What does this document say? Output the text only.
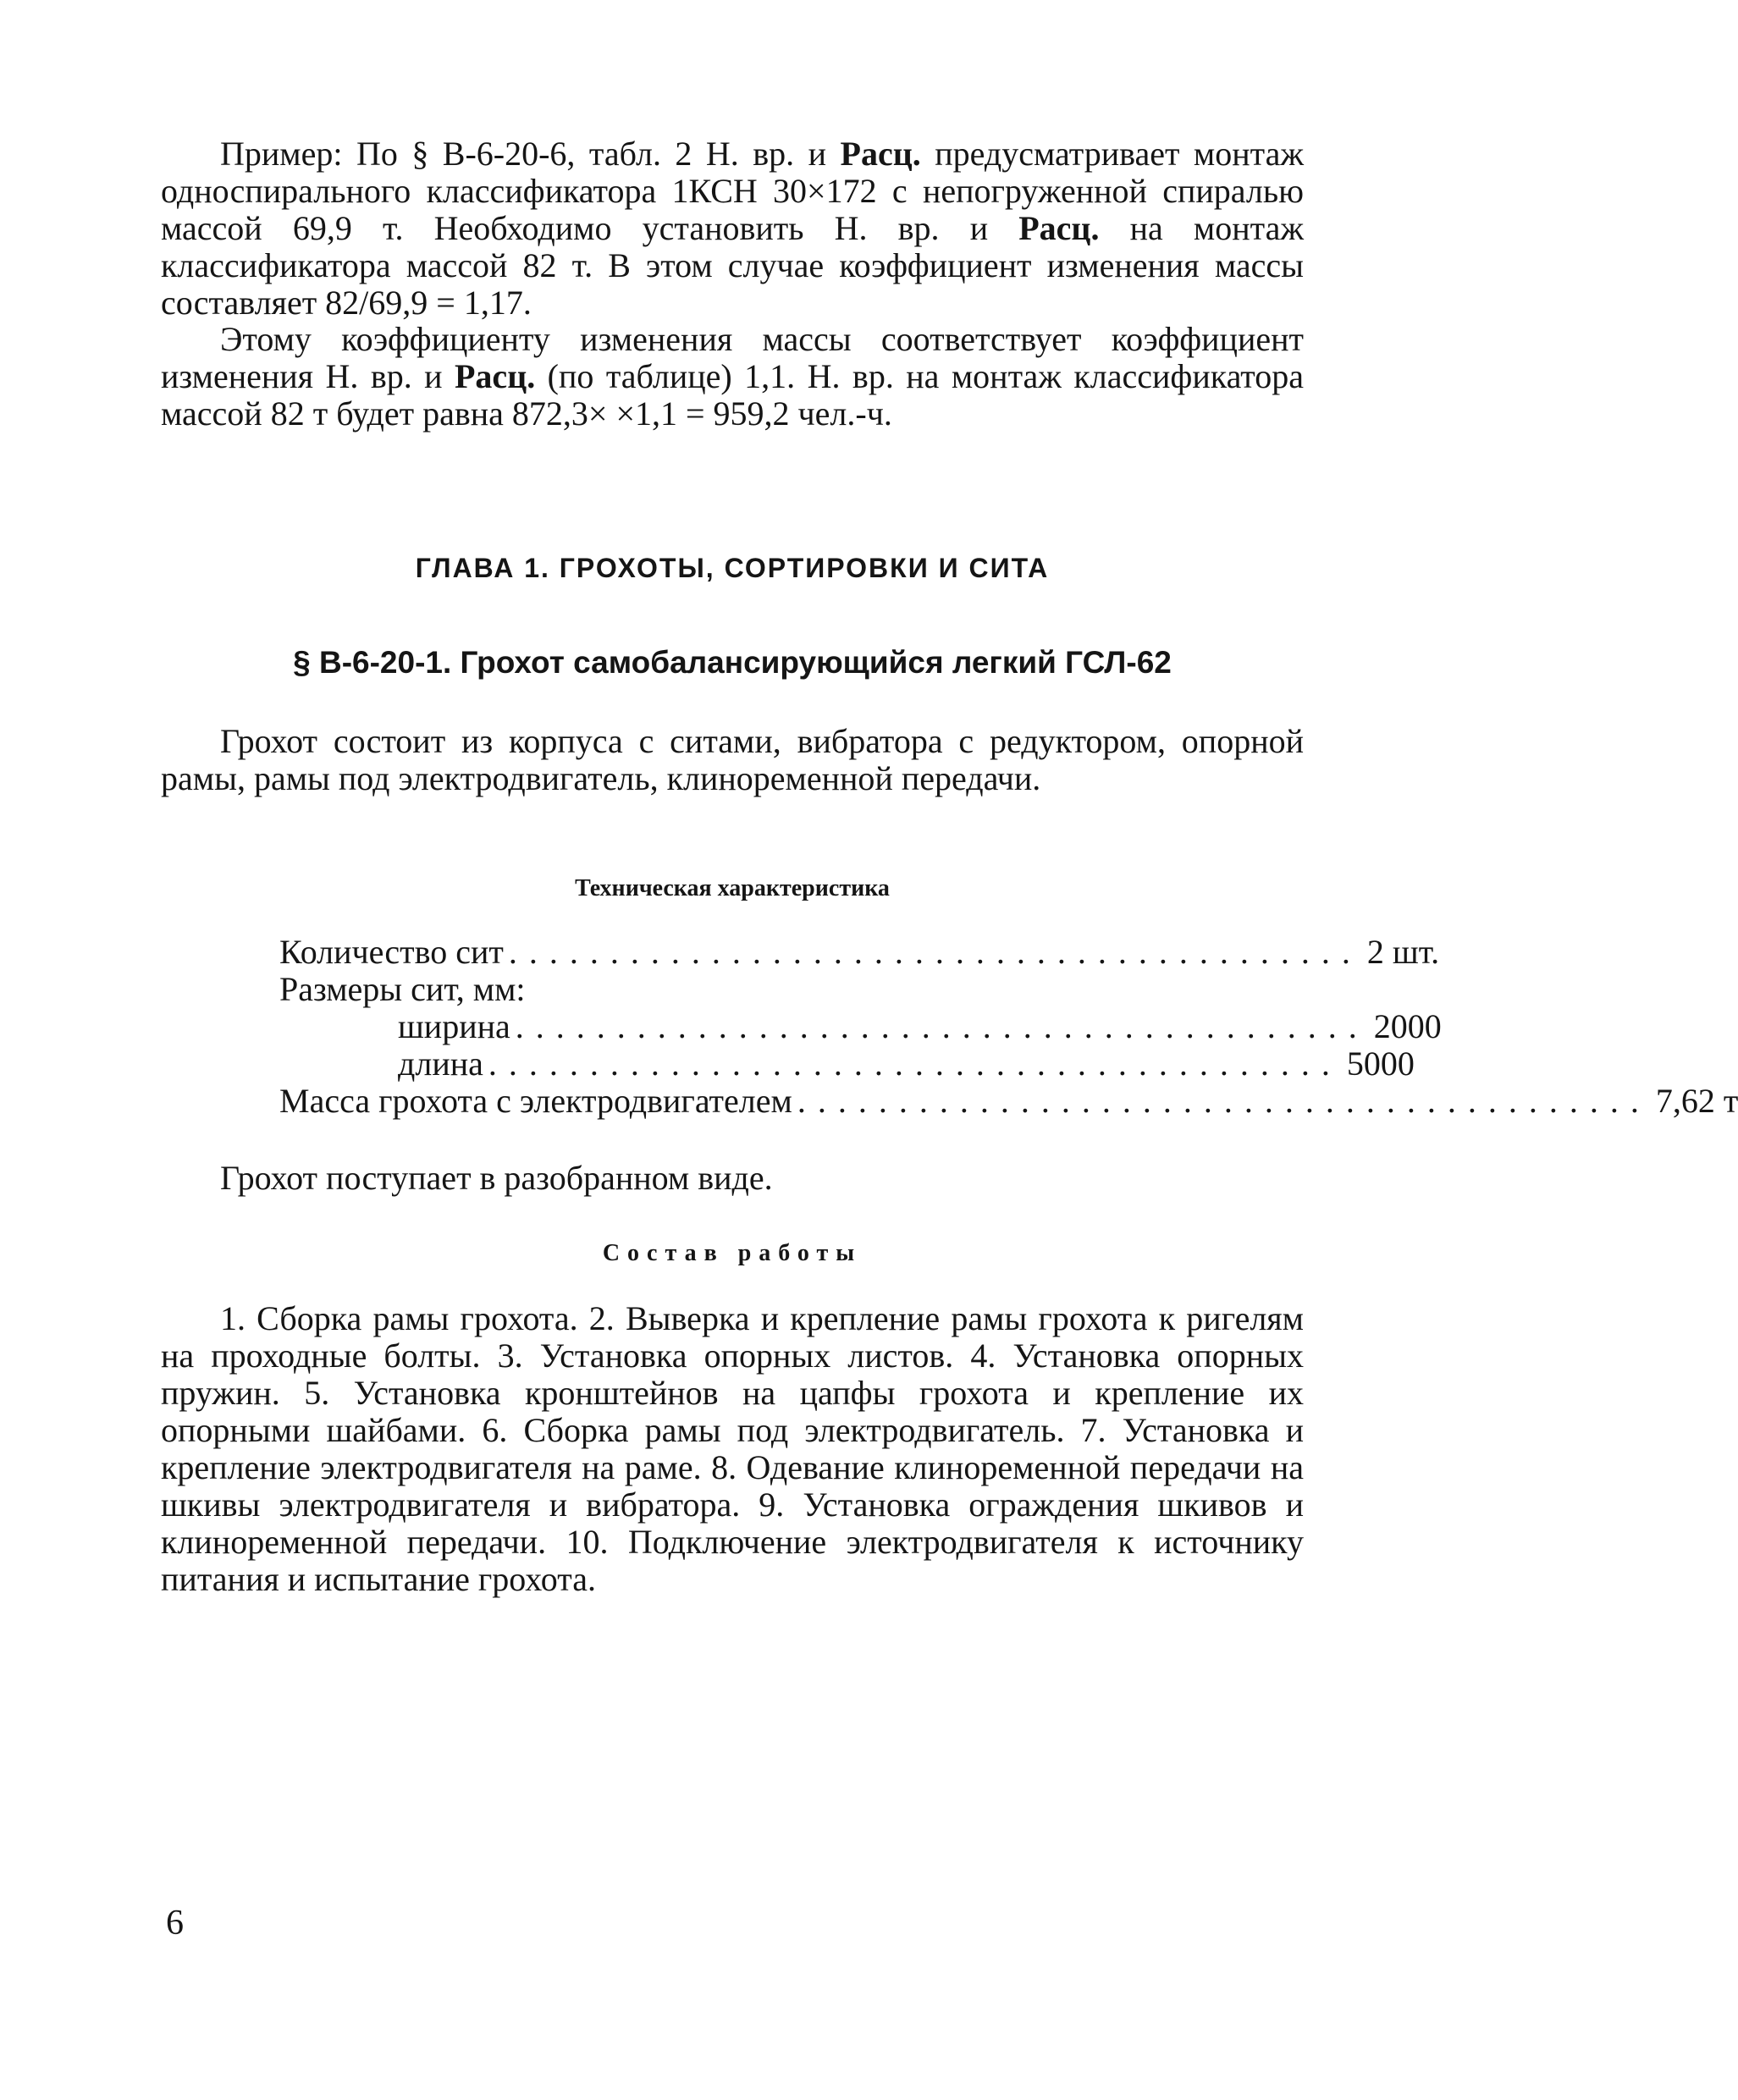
Пример: По § В-6-20-6, табл. 2 Н. вр. и Расц. предусматривает монтаж односпирального классификатора 1КСН 30×172 с непогруженной спиралью массой 69,9 т. Необходимо установить Н. вр. и Расц. на монтаж классификатора массой 82 т. В этом случае коэффициент изменения массы составляет 82/69,9 = 1,17.

Этому коэффициенту изменения массы соответствует коэффициент изменения Н. вр. и Расц. (по таблице) 1,1. Н. вр. на монтаж классификатора массой 82 т будет равна 872,3× ×1,1 = 959,2 чел.-ч.

ГЛАВА 1. ГРОХОТЫ, СОРТИРОВКИ И СИТА
§ В-6-20-1. Грохот самобалансирующийся легкий ГСЛ-62

Грохот состоит из корпуса с ситами, вибратора с редуктором, опорной рамы, рамы под электродвигатель, клиноременной передачи.

Техническая характеристика
Количество сит .......................................... 2 шт.
Размеры сит, мм:
ширина .......................................... 2000
длина .......................................... 5000
Масса грохота с электродвигателем .......................................... 7,62 т

Грохот поступает в разобранном виде.

Состав работы

1. Сборка рамы грохота. 2. Выверка и крепление рамы грохота к ригелям на проходные болты. 3. Установка опорных листов. 4. Установка опорных пружин. 5. Установка кронштейнов на цапфы грохота и крепление их опорными шайбами. 6. Сборка рамы под электродвигатель. 7. Установка и крепление электродвигателя на раме. 8. Одевание клиноременной передачи на шкивы электродвигателя и вибратора. 9. Установка ограждения шкивов и клиноременной передачи. 10. Подключение электродвигателя к источнику питания и испытание грохота.

6
